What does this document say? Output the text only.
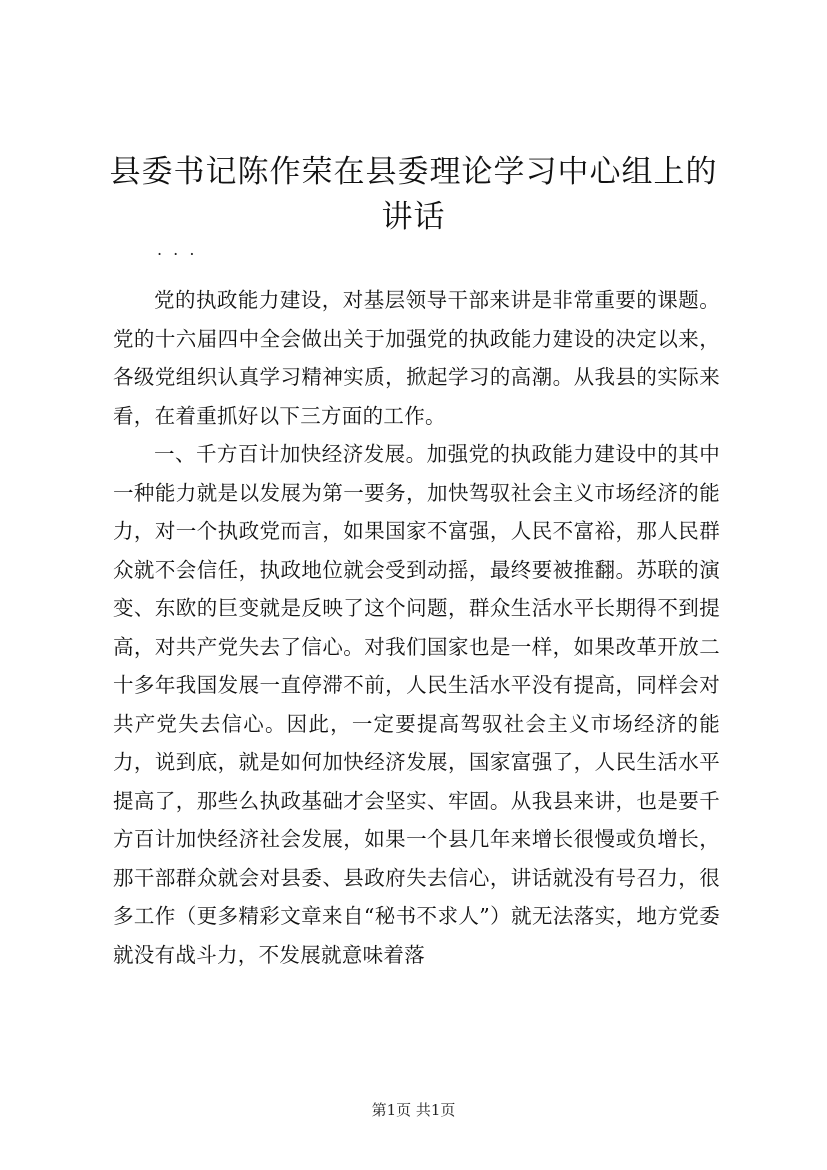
县委书记陈作荣在县委理论学习中心组上的讲话
. . .

党的执政能力建设，对基层领导干部来讲是非常重要的课题。党的十六届四中全会做出关于加强党的执政能力建设的决定以来，各级党组织认真学习精神实质，掀起学习的高潮。从我县的实际来看，在着重抓好以下三方面的工作。

一、千方百计加快经济发展。加强党的执政能力建设中的其中一种能力就是以发展为第一要务，加快驾驭社会主义市场经济的能力，对一个执政党而言，如果国家不富强，人民不富裕，那人民群众就不会信任，执政地位就会受到动摇，最终要被推翻。苏联的演变、东欧的巨变就是反映了这个问题，群众生活水平长期得不到提高，对共产党失去了信心。对我们国家也是一样，如果改革开放二十多年我国发展一直停滞不前，人民生活水平没有提高，同样会对共产党失去信心。因此，一定要提高驾驭社会主义市场经济的能力，说到底，就是如何加快经济发展，国家富强了，人民生活水平提高了，那些么执政基础才会坚实、牢固。从我县来讲，也是要千方百计加快经济社会发展，如果一个县几年来增长很慢或负增长，那干部群众就会对县委、县政府失去信心，讲话就没有号召力，很多工作（更多精彩文章来自“秘书不求人”）就无法落实，地方党委就没有战斗力，不发展就意味着落

第1页 共1页
